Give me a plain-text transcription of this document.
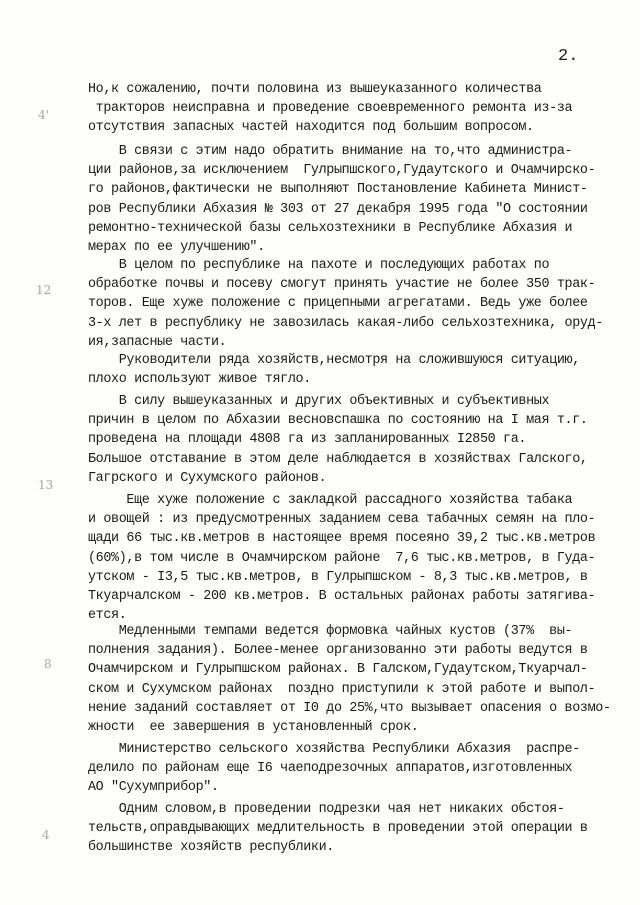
2.
Но,к сожалению, почти половина из вышеуказанного количества
тракторов неисправна и проведение своевременного ремонта из-за
отсутствия запасных частей находится под большим вопросом.
В связи с этим надо обратить внимание на то,что администра-
ции районов,за исключением  Гулрыпшского,Гудаутского и Очамчирско-
го районов,фактически не выполняют Постановление Кабинета Минист-
ров Республики Абхазия № 303 от 27 декабря 1995 года "О состоянии
ремонтно-технической базы сельхозтехники в Республике Абхазия и
мерах по ее улучшению".
В целом по республике на пахоте и последующих работах по
обработке почвы и посеву смогут принять участие не более 350 трак-
торов. Еще хуже положение с прицепными агрегатами. Ведь уже более
3-х лет в республику не завозилась какая-либо сельхозтехника, оруд-
ия,запасные части.
Руководители ряда хозяйств,несмотря на сложившуюся ситуацию,
плохо используют живое тягло.
В силу вышеуказанных и других объективных и субъективных
причин в целом по Абхазии весновспашка по состоянию на I мая т.г.
проведена на площади 4808 га из запланированных I2850 га.
Большое отставание в этом деле наблюдается в хозяйствах Галского,
Гагрского и Сухумского районов.
Еще хуже положение с закладкой рассадного хозяйства табака
и овощей : из предусмотренных заданием сева табачных семян на пло-
щади 66 тыс.кв.метров в настоящее время посеяно 39,2 тыс.кв.метров
(60%),в том числе в Очамчирском районе  7,6 тыс.кв.метров, в Гуда-
утском - I3,5 тыс.кв.метров, в Гулрыпшском - 8,3 тыс.кв.метров, в
Ткуарчалском - 200 кв.метров. В остальных районах работы затягива-
ется.
Медленными темпами ведется формовка чайных кустов (37%  вы-
полнения задания). Более-менее организованно эти работы ведутся в
Очамчирском и Гулрыпшском районах. В Галском,Гудаутском,Ткуарчал-
ском и Сухумском районах  поздно приступили к этой работе и выпол-
нение заданий составляет от I0 до 25%,что вызывает опасения о возмо-
жности  ее завершения в установленный срок.
Министерство сельского хозяйства Республики Абхазия  распре-
делило по районам еще I6 чаеподрезочных аппаратов,изготовленных
АО "Сухумприбор".
Одним словом,в проведении подрезки чая нет никаких обстоя-
тельств,оправдывающих медлительность в проведении этой операции в
большинстве хозяйств республики.
4'
12
13
8
4
